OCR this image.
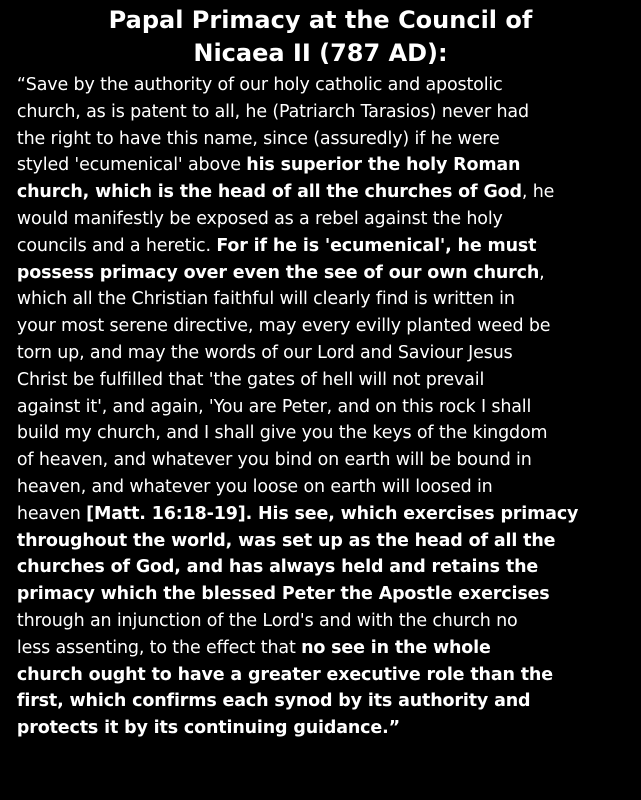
Papal Primacy at the Council of
Nicaea II (787 AD):
“Save by the authority of our holy catholic and apostolic
church, as is patent to all, he (Patriarch Tarasios) never had
the right to have this name, since (assuredly) if he were
styled 'ecumenical' above his superior the holy Roman
church, which is the head of all the churches of God, he
would manifestly be exposed as a rebel against the holy
councils and a heretic. For if he is 'ecumenical', he must
possess primacy over even the see of our own church,
which all the Christian faithful will clearly find is written in
your most serene directive, may every evilly planted weed be
torn up, and may the words of our Lord and Saviour Jesus
Christ be fulfilled that 'the gates of hell will not prevail
against it', and again, 'You are Peter, and on this rock I shall
build my church, and I shall give you the keys of the kingdom
of heaven, and whatever you bind on earth will be bound in
heaven, and whatever you loose on earth will loosed in
heaven [Matt. 16:18-19]. His see, which exercises primacy
throughout the world, was set up as the head of all the
churches of God, and has always held and retains the
primacy which the blessed Peter the Apostle exercises
through an injunction of the Lord's and with the church no
less assenting, to the effect that no see in the whole
church ought to have a greater executive role than the
first, which confirms each synod by its authority and
protects it by its continuing guidance.”
